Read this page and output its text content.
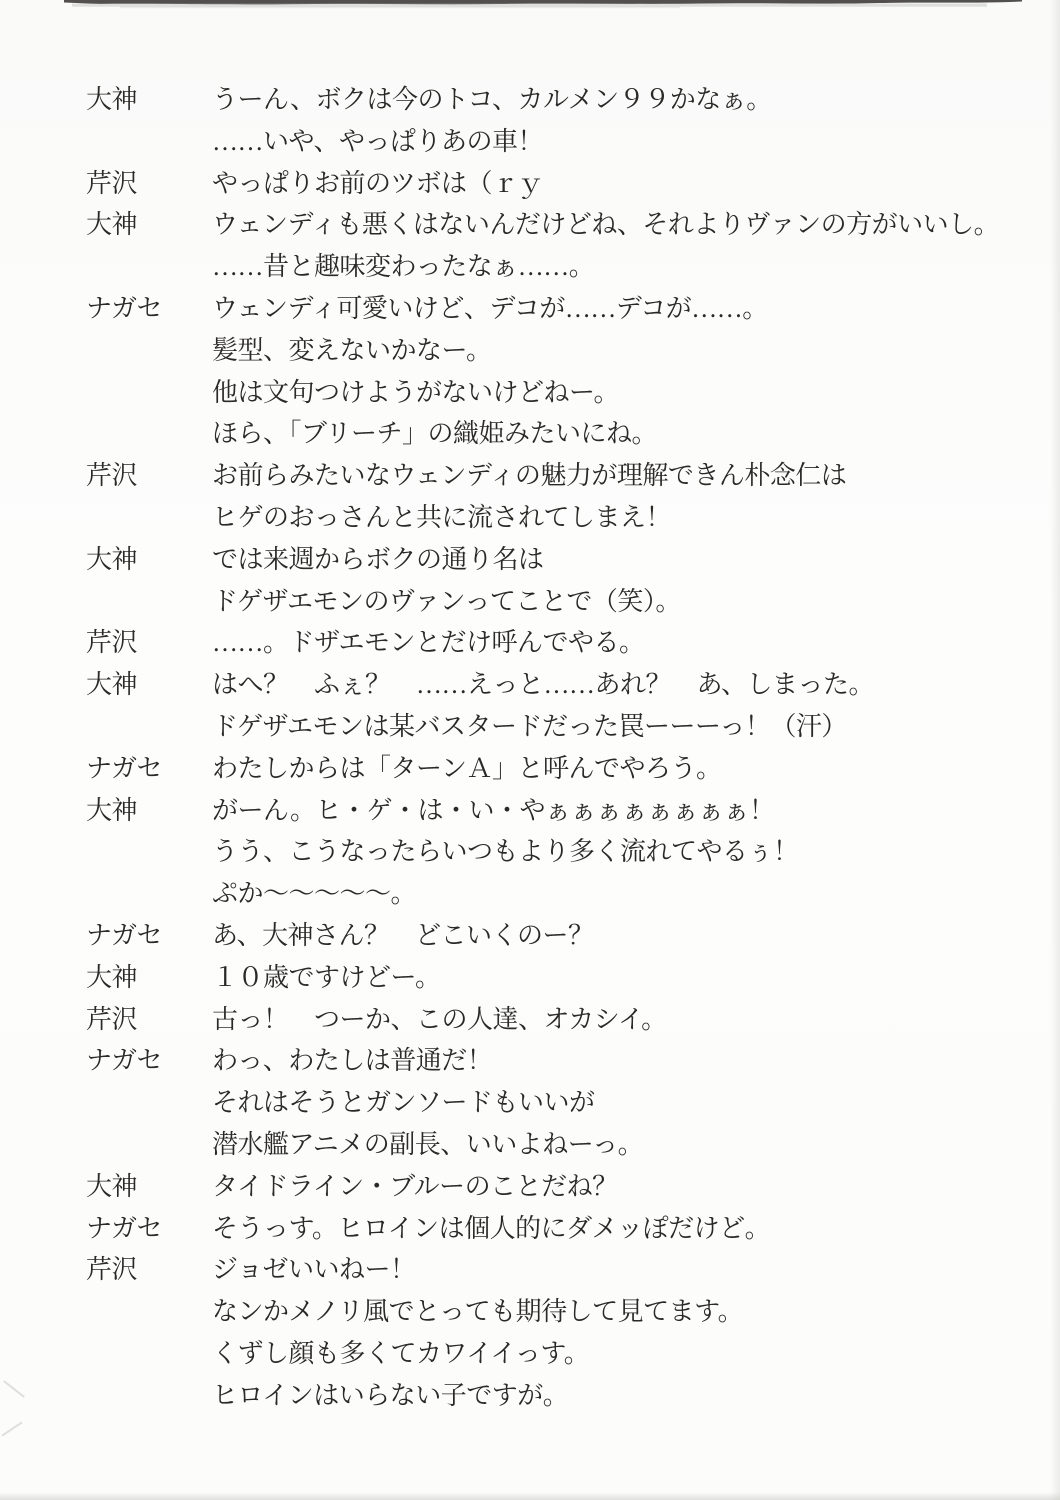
大神	うーん、ボクは今のトコ、カルメン９９かなぁ。
……いや、やっぱりあの車！
芹沢	やっぱりお前のツボは（ｒｙ
大神	ウェンディも悪くはないんだけどね、それよりヴァンの方がいいし。
……昔と趣味変わったなぁ……。
ナガセ	ウェンディ可愛いけど、デコが……デコが……。
髪型、変えないかなー。
他は文句つけようがないけどねー。
ほら、「ブリーチ」の織姫みたいにね。
芹沢	お前らみたいなウェンディの魅力が理解できん朴念仁は
ヒゲのおっさんと共に流されてしまえ！
大神	では来週からボクの通り名は
ドゲザエモンのヴァンってことで（笑）。
芹沢	……。ドザエモンとだけ呼んでやる。
大神	はへ？　ふぇ？　……えっと……あれ？　あ、しまった。
ドゲザエモンは某バスタードだった罠ーーーっ！（汗）
ナガセ	わたしからは「ターンＡ」と呼んでやろう。
大神	がーん。ヒ・ゲ・は・い・やぁぁぁぁぁぁぁぁ！
うう、こうなったらいつもより多く流れてやるぅ！
ぷか～～～～～。
ナガセ	あ、大神さん？　どこいくのー？
大神	１０歳ですけどー。
芹沢	古っ！　つーか、この人達、オカシイ。
ナガセ	わっ、わたしは普通だ！
それはそうとガンソードもいいが
潜水艦アニメの副長、いいよねーっ。
大神	タイドライン・ブルーのことだね？
ナガセ	そうっす。ヒロインは個人的にダメッぽだけど。
芹沢	ジョゼいいねー！
なンかメノリ風でとっても期待して見てます。
くずし顔も多くてカワイイっす。
ヒロインはいらない子ですが。
